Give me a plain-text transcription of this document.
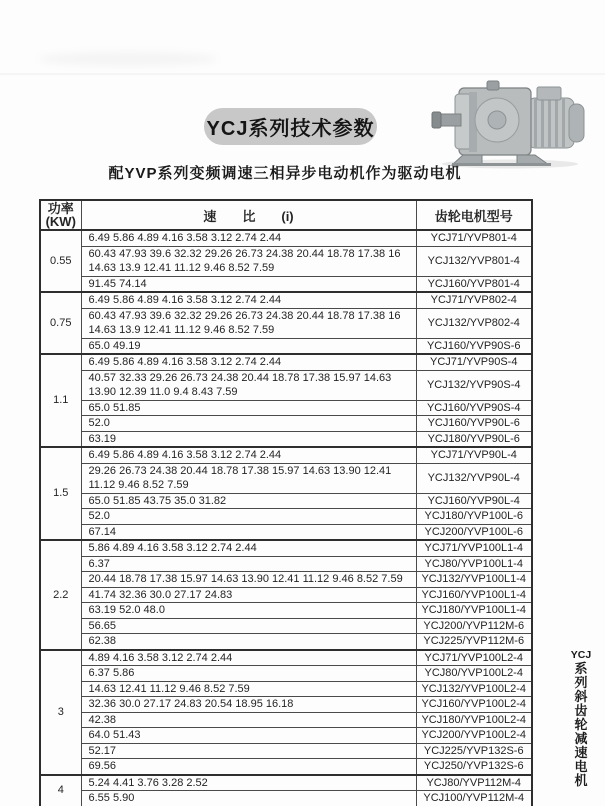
YCJ系列技术参数
配YVP系列变频调速三相异步电动机作为驱动电机
功率
(KW)	速　　比　　(i)	齿轮电机型号
0.55	6.49 5.86 4.89 4.16 3.58 3.12 2.74 2.44	YCJ71/YVP801-4
	60.43 47.93 39.6 32.32 29.26 26.73 24.38 20.44 18.78 17.38 16 14.63 13.9 12.41 11.12 9.46 8.52 7.59	YCJ132/YVP801-4
	91.45 74.14	YCJ160/YVP801-4
0.75	6.49 5.86 4.89 4.16 3.58 3.12 2.74 2.44	YCJ71/YVP802-4
	60.43 47.93 39.6 32.32 29.26 26.73 24.38 20.44 18.78 17.38 16 14.63 13.9 12.41 11.12 9.46 8.52 7.59	YCJ132/YVP802-4
	65.0 49.19	YCJ160/YVP90S-6
1.1	6.49 5.86 4.89 4.16 3.58 3.12 2.74 2.44	YCJ71/YVP90S-4
	40.57 32.33 29.26 26.73 24.38 20.44 18.78 17.38 15.97 14.63 13.90 12.39 11.0 9.4 8.43 7.59	YCJ132/YVP90S-4
	65.0 51.85	YCJ160/YVP90S-4
	52.0	YCJ160/YVP90L-6
	63.19	YCJ180/YVP90L-6
1.5	6.49 5.86 4.89 4.16 3.58 3.12 2.74 2.44	YCJ71/YVP90L-4
	29.26 26.73 24.38 20.44 18.78 17.38 15.97 14.63 13.90 12.41 11.12 9.46 8.52 7.59	YCJ132/YVP90L-4
	65.0 51.85 43.75 35.0 31.82	YCJ160/YVP90L-4
	52.0	YCJ180/YVP100L-6
	67.14	YCJ200/YVP100L-6
2.2	5.86 4.89 4.16 3.58 3.12 2.74 2.44	YCJ71/YVP100L1-4
	6.37	YCJ80/YVP100L1-4
	20.44 18.78 17.38 15.97 14.63 13.90 12.41 11.12 9.46 8.52 7.59	YCJ132/YVP100L1-4
	41.74 32.36 30.0 27.17 24.83	YCJ160/YVP100L1-4
	63.19 52.0 48.0	YCJ180/YVP100L1-4
	56.65	YCJ200/YVP112M-6
	62.38	YCJ225/YVP112M-6
3	4.89 4.16 3.58 3.12 2.74 2.44	YCJ71/YVP100L2-4
	6.37 5.86	YCJ80/YVP100L2-4
	14.63 12.41 11.12 9.46 8.52 7.59	YCJ132/YVP100L2-4
	32.36 30.0 27.17 24.83 20.54 18.95 16.18	YCJ160/YVP100L2-4
	42.38	YCJ180/YVP100L2-4
	64.0 51.43	YCJ200/YVP100L2-4
	52.17	YCJ225/YVP132S-6
	69.56	YCJ250/YVP132S-6
4	5.24 4.41 3.76 3.28 2.52	YCJ80/YVP112M-4
	6.55 5.90	YCJ100/YVP112M-4
YCJ
系
列
斜
齿
轮
减
速
电
机
